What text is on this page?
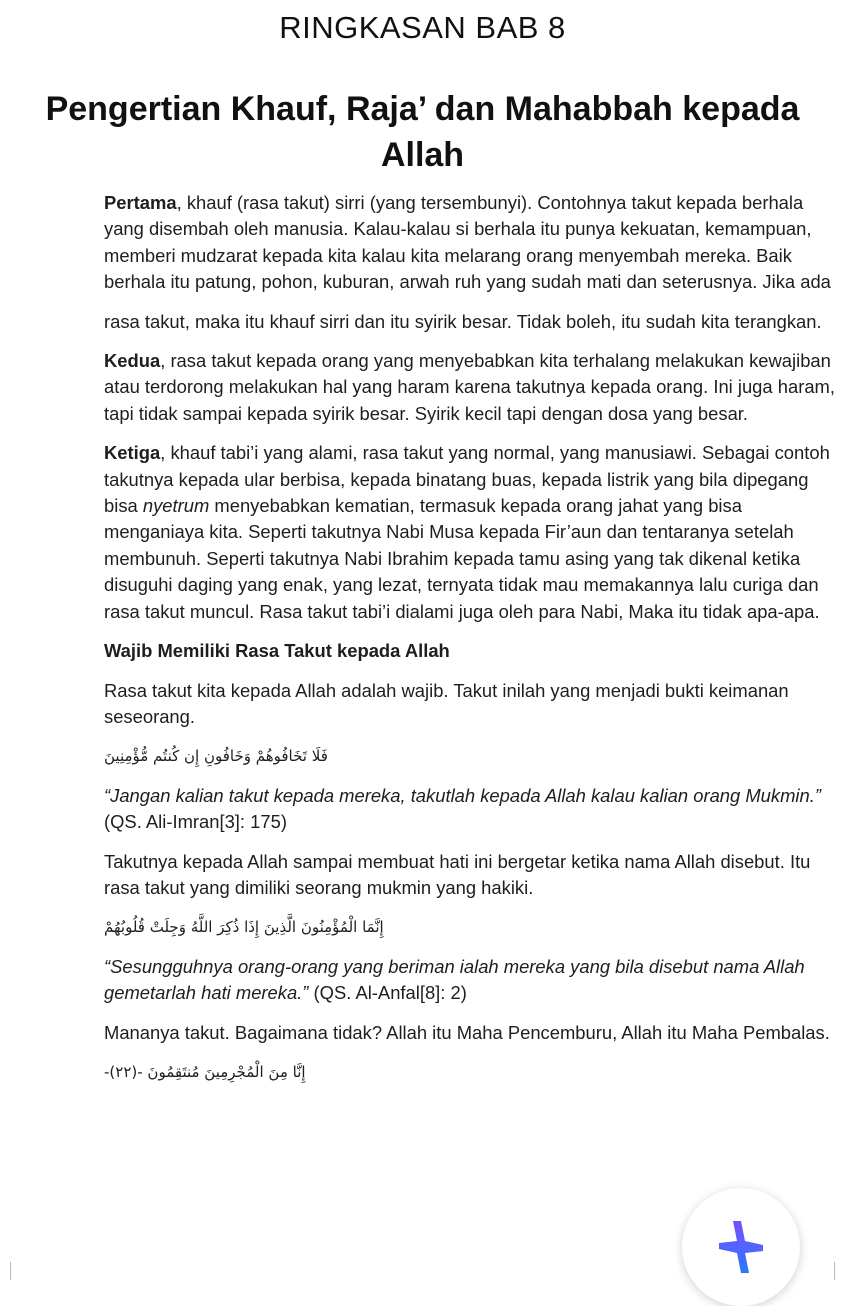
RINGKASAN BAB 8
Pengertian Khauf, Raja’ dan Mahabbah kepada Allah

Pertama, khauf (rasa takut) sirri (yang tersembunyi). Contohnya takut kepada berhala yang disembah oleh manusia. Kalau-kalau si berhala itu punya kekuatan, kemampuan, memberi mudzarat kepada kita kalau kita melarang orang menyembah mereka. Baik berhala itu patung, pohon, kuburan, arwah ruh yang sudah mati dan seterusnya. Jika ada

rasa takut, maka itu khauf sirri dan itu syirik besar. Tidak boleh, itu sudah kita terangkan.

Kedua, rasa takut kepada orang yang menyebabkan kita terhalang melakukan kewajiban atau terdorong melakukan hal yang haram karena takutnya kepada orang. Ini juga haram, tapi tidak sampai kepada syirik besar. Syirik kecil tapi dengan dosa yang besar.

Ketiga, khauf tabi’i yang alami, rasa takut yang normal, yang manusiawi. Sebagai contoh takutnya kepada ular berbisa, kepada binatang buas, kepada listrik yang bila dipegang bisa nyetrum menyebabkan kematian, termasuk kepada orang jahat yang bisa menganiaya kita. Seperti takutnya Nabi Musa kepada Fir’aun dan tentaranya setelah membunuh. Seperti takutnya Nabi Ibrahim kepada tamu asing yang tak dikenal ketika disuguhi daging yang enak, yang lezat, ternyata tidak mau memakannya lalu curiga dan rasa takut muncul. Rasa takut tabi’i dialami juga oleh para Nabi, Maka itu tidak apa-apa.

Wajib Memiliki Rasa Takut kepada Allah

Rasa takut kita kepada Allah adalah wajib. Takut inilah yang menjadi bukti keimanan seseorang.

فَلَا تَخَافُوهُمْ وَخَافُونِ إِن كُنتُم مُّؤْمِنِينَ

“Jangan kalian takut kepada mereka, takutlah kepada Allah kalau kalian orang Mukmin.” (QS. Ali-Imran[3]: 175)

Takutnya kepada Allah sampai membuat hati ini bergetar ketika nama Allah disebut. Itu rasa takut yang dimiliki seorang mukmin yang hakiki.

إِنَّمَا الْمُؤْمِنُونَ الَّذِينَ إِذَا ذُكِرَ اللَّهُ وَجِلَتْ قُلُوبُهُمْ

“Sesungguhnya orang-orang yang beriman ialah mereka yang bila disebut nama Allah gemetarlah hati mereka.” (QS. Al-Anfal[8]: 2)

Mananya takut. Bagaimana tidak? Allah itu Maha Pencemburu, Allah itu Maha Pembalas.

إِنَّا مِنَ الْمُجْرِمِينَ مُنتَقِمُونَ -(٢٢)-
